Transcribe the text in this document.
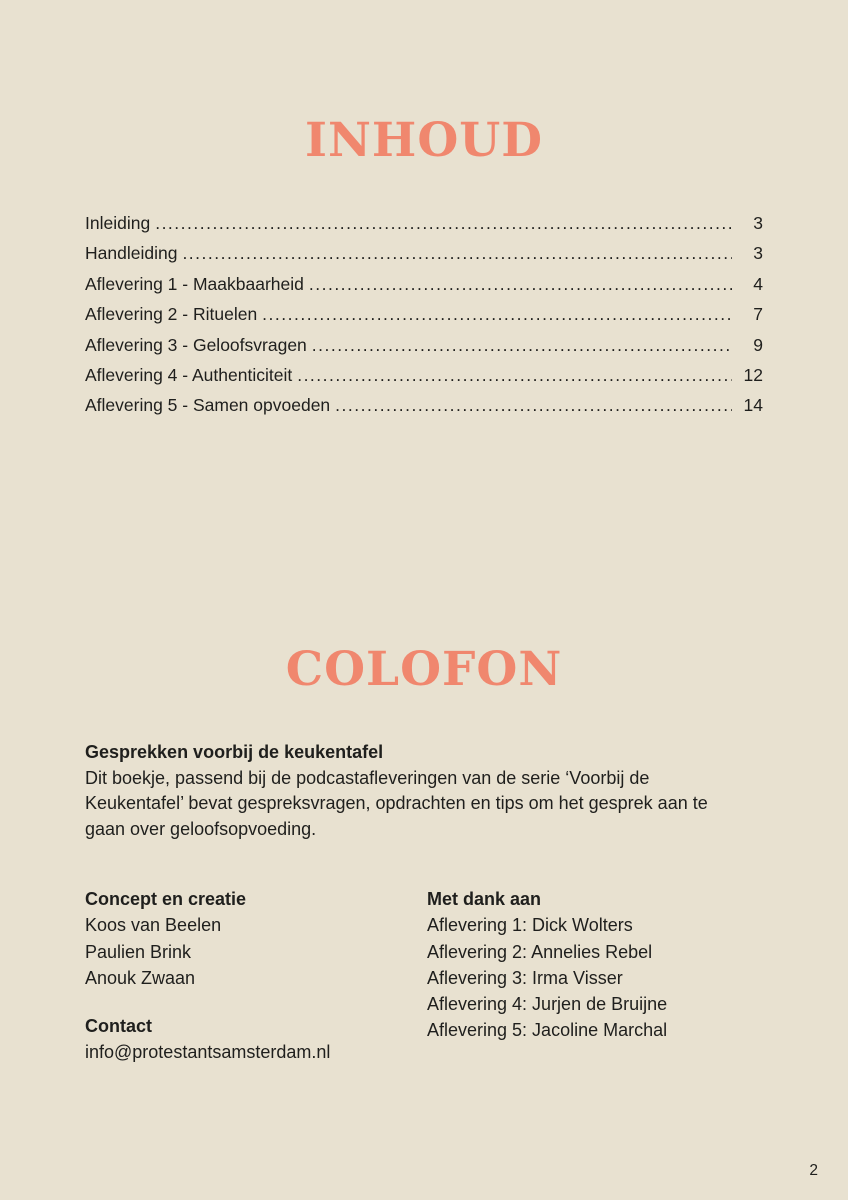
INHOUD
Inleiding .....	3
Handleiding .....	3
Aflevering 1 - Maakbaarheid .....	4
Aflevering 2 - Rituelen .....	7
Aflevering 3 - Geloofsvragen .....	9
Aflevering 4 - Authenticiteit .....	12
Aflevering 5 - Samen opvoeden .....	14
COLOFON
Gesprekken voorbij de keukentafel
Dit boekje, passend bij de podcastafleveringen van de serie ‘Voorbij de
Keukentafel’ bevat gespreksvragen, opdrachten en tips om het gesprek aan te
gaan over geloofsopvoeding.
Concept en creatie
Koos van Beelen
Paulien Brink
Anouk Zwaan
Contact
info@protestantsamsterdam.nl
Met dank aan
Aflevering 1: Dick Wolters
Aflevering 2: Annelies Rebel
Aflevering 3: Irma Visser
Aflevering 4: Jurjen de Bruijne
Aflevering 5: Jacoline Marchal
2
